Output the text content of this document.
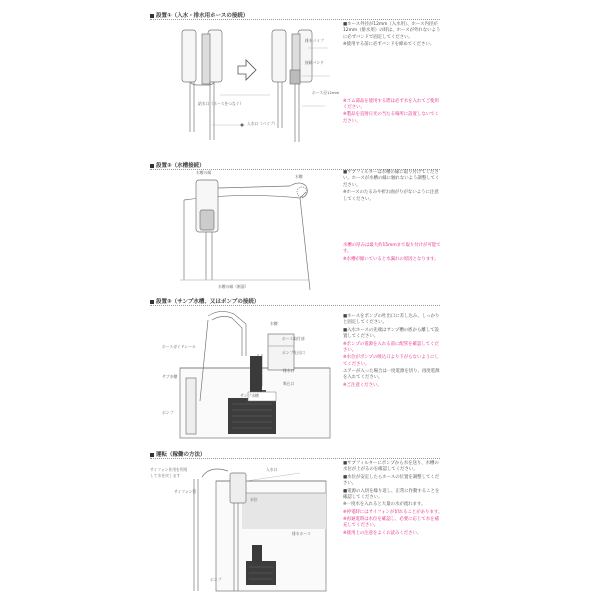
設置①（入水・排水用ホースの接続）
排水パイプ
接続バンド
ホース径12mm
給水口（ホースをつなぐ）
入水口（パイプ）

■ホース外径が12mm（入水用）、ホース内径が12mm（排水用）の時は、ホースが外れないように必ずバンドで固定してください。

※使用する前に必ずバンドを締めてください。

※ゴム部品を使用する際は必ず水を入れてご使用ください。

※製品を直射日光の当たる場所に設置しないでください。

設置②（水槽接続）
水槽の縁
水槽
水槽の縁（断面）

■サブフィルターは水槽の縁に取り付けてください。ホースが水槽の縁に触れないよう調整してください。

※ホースのたるみや折れ曲がりがないように注意してください。

水槽の厚みは最大約15mmまで取り付けが可能です。

※水槽が傾いていると水漏れの原因となります。

設置③（サンプ水槽、又はポンプの接続）
ホースガイドレール
水槽
サブ水槽
ホース取付部
ポンプ吐出口
排水口
吸込口
サンプ水槽
ポンプ

■ホースをポンプの吐出口に差し込み、しっかりと固定してください。

■入水ホースの先端はサンプ槽の底から離して設置してください。

※ポンプの電源を入れる前に配管を確認してください。

※水位がポンプの吸込口より下がらないようにしてください。

エアーが入った場合は一度電源を切り、再度電源を入れてください。

※ご注意ください。

運転（稼働の方法）
サイフォン作用を利用して水を戻します
入水口
サイフォン管
水位
排水ホース
ポンプ

■サブフィルターにポンプから水を送り、水槽の水位が上がるのを確認してください。

■水位が安定したらホースの位置を調整してください。

■電源の入切を繰り返し、正常に作動することを確認してください。

※一度水を入れると大量の水が流れます。

※停電時にはサイフォンが切れることがあります。

※再通電時は水位を確認し、必要に応じて水を補充してください。

※使用上の注意をよくお読みください。
